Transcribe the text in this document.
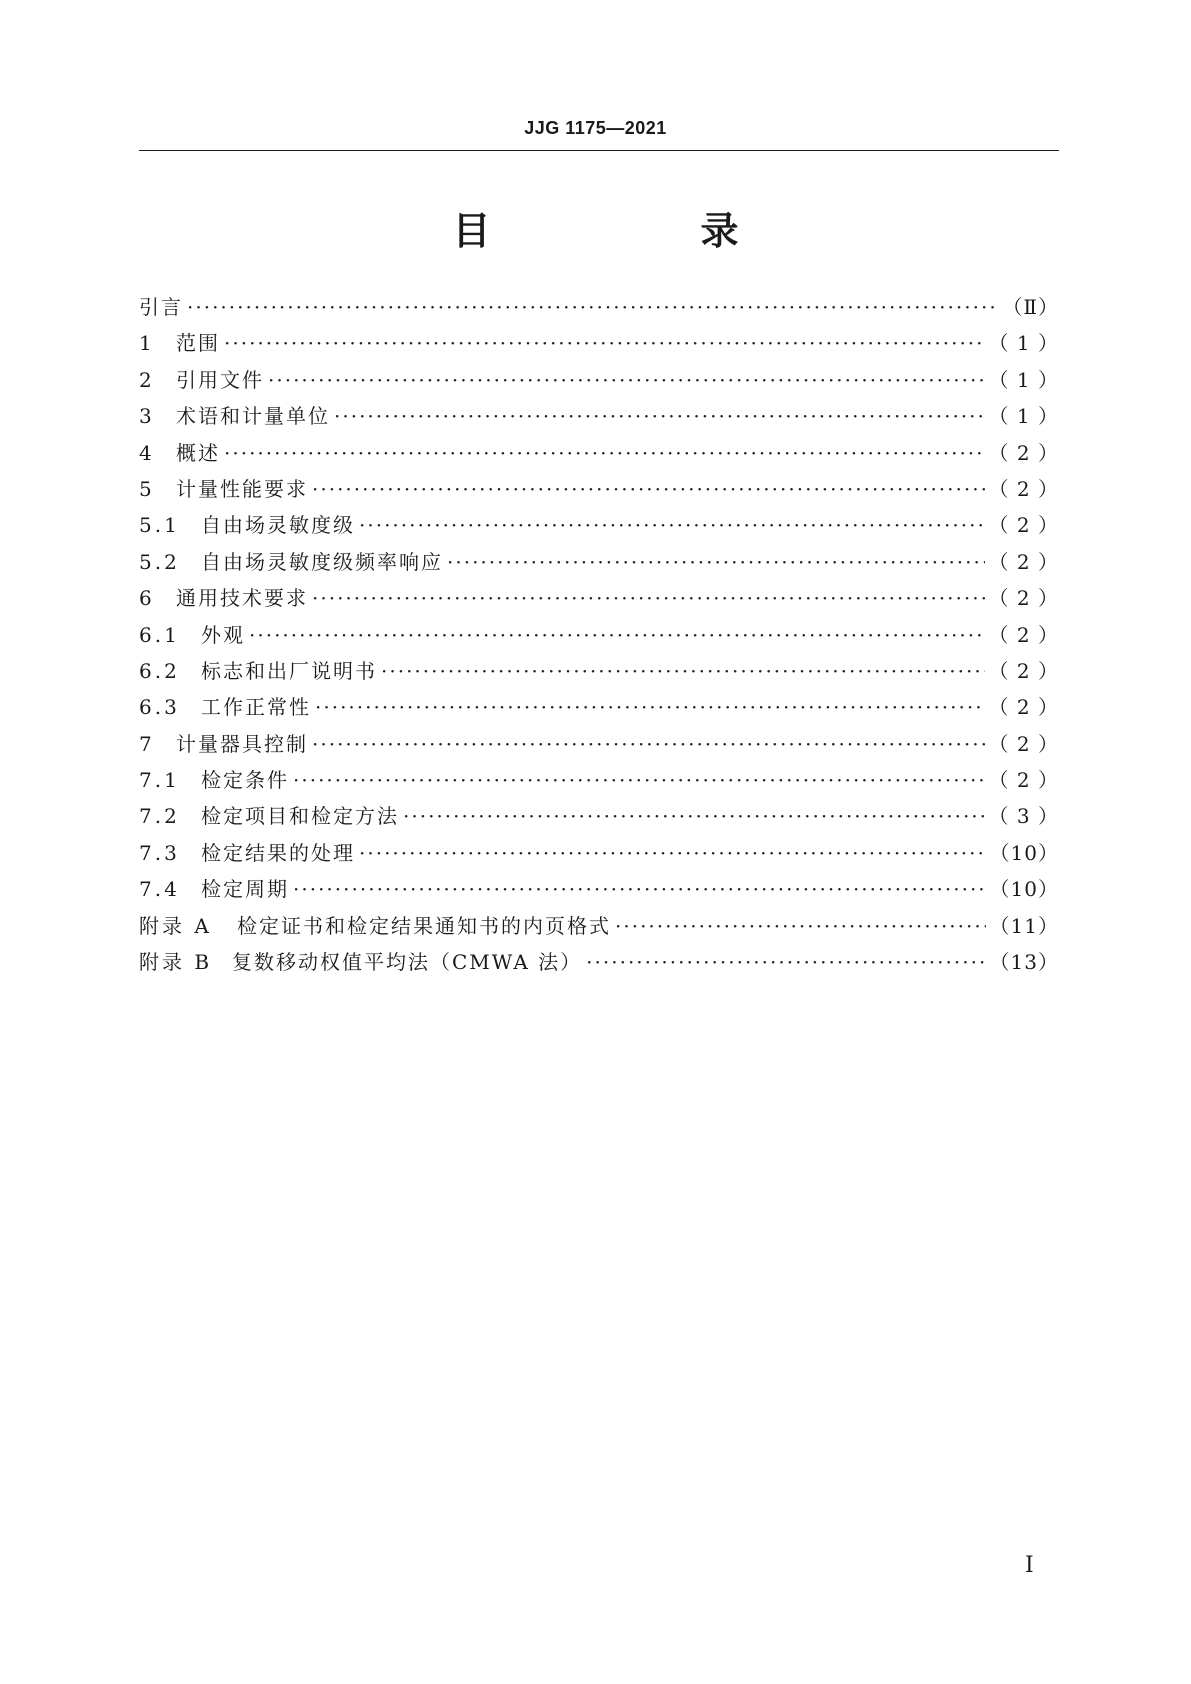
JJG 1175—2021
目　录
引言 ·····	（Ⅱ）
1	范围 ·····	（ 1 ）
2	引用文件 ·····	（ 1 ）
3	术语和计量单位 ·····	（ 1 ）
4	概述 ·····	（ 2 ）
5	计量性能要求 ·····	（ 2 ）
5.1	自由场灵敏度级 ·····	（ 2 ）
5.2	自由场灵敏度级频率响应 ·····	（ 2 ）
6	通用技术要求 ·····	（ 2 ）
6.1	外观 ·····	（ 2 ）
6.2	标志和出厂说明书 ·····	（ 2 ）
6.3	工作正常性 ·····	（ 2 ）
7	计量器具控制 ·····	（ 2 ）
7.1	检定条件 ·····	（ 2 ）
7.2	检定项目和检定方法 ·····	（ 3 ）
7.3	检定结果的处理 ·····	（10）
7.4	检定周期 ·····	（10）
附录 A	检定证书和检定结果通知书的内页格式 ·····	（11）
附录 B 复数移动权值平均法（CMWA 法） ·····	（13）
Ⅰ
